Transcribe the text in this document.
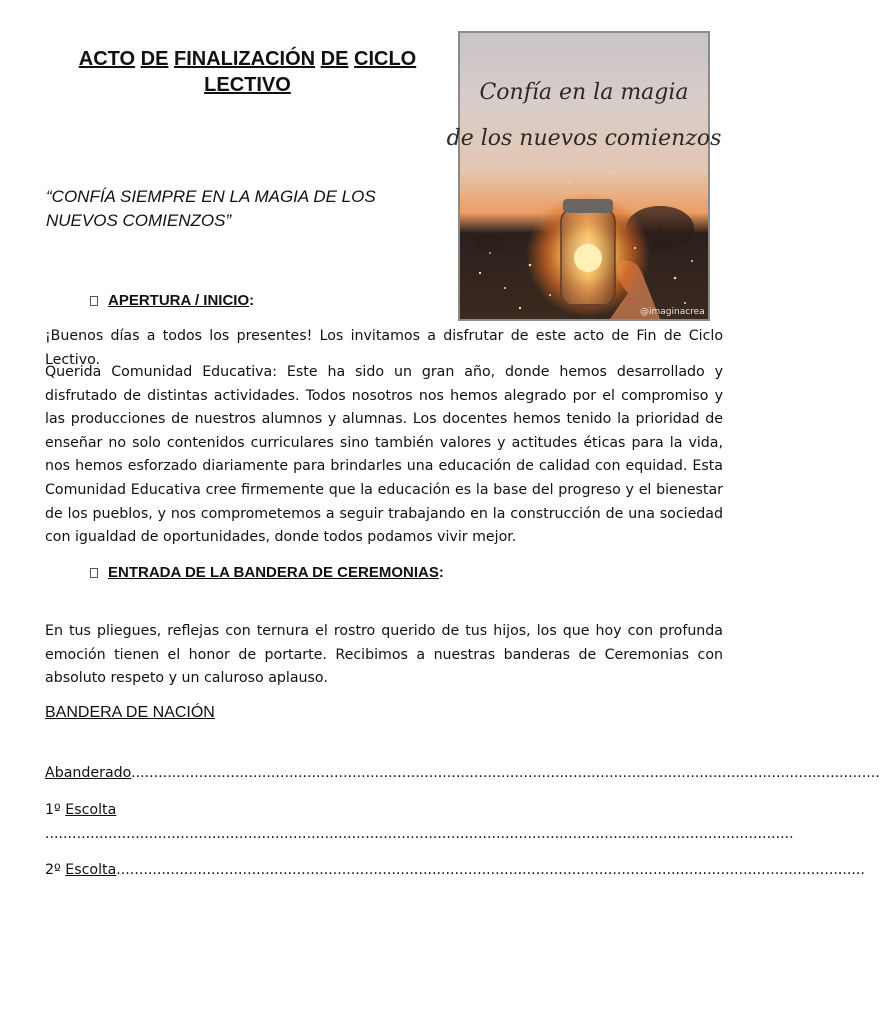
ACTO DE FINALIZACIÓN DE CICLO
LECTIVO

“CONFÍA SIEMPRE EN LA MAGIA DE LOS
NUEVOS COMIENZOS”

Confía en la magia
de los nuevos comienzos
@imaginacrea
APERTURA / INICIO:

¡Buenos días a todos los presentes! Los invitamos a disfrutar de este acto de Fin de Ciclo Lectivo.

Querida Comunidad Educativa: Este ha sido un gran año, donde hemos desarrollado y disfrutado de distintas actividades. Todos nosotros nos hemos alegrado por el compromiso y las producciones de nuestros alumnos y alumnas. Los docentes hemos tenido la prioridad de enseñar no solo contenidos curriculares sino también valores y actitudes éticas para la vida, nos hemos esforzado diariamente para brindarles una educación de calidad con equidad. Esta Comunidad Educativa cree firmemente que la educación es la base del progreso y el bienestar de los pueblos, y nos comprometemos a seguir trabajando en la construcción de una sociedad con igualdad de oportunidades, donde todos podamos vivir mejor.

ENTRADA DE LA BANDERA DE CEREMONIAS:

En tus pliegues, reflejas con ternura el rostro querido de tus hijos, los que hoy con profunda emoción tienen el honor de portarte. Recibimos a nuestras banderas de Ceremonias con absoluto respeto y un caluroso aplauso.

BANDERA DE NACIÓN

Abanderado......................................................................................................................................................................

1º Escolta

......................................................................................................................................................................

2º Escolta......................................................................................................................................................................
